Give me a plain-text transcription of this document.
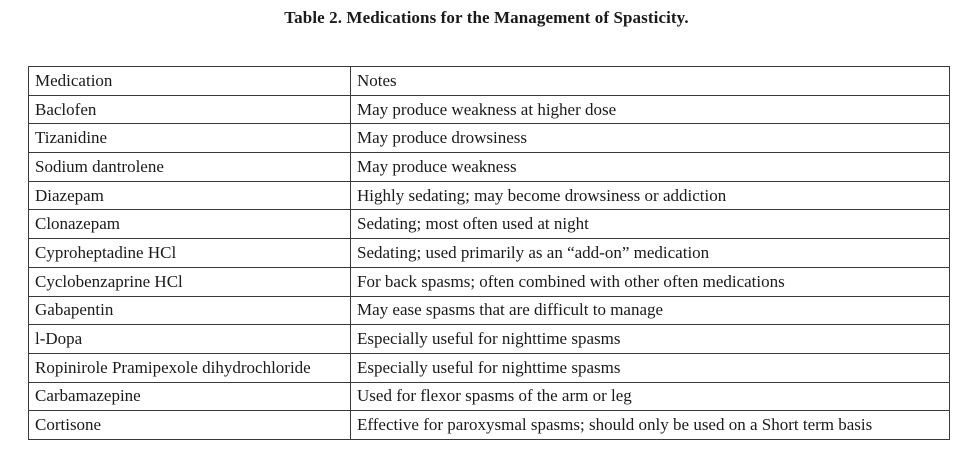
Table 2. Medications for the Management of Spasticity.
Medication	Notes
Baclofen	May produce weakness at higher dose
Tizanidine	May produce drowsiness
Sodium dantrolene	May produce weakness
Diazepam	Highly sedating; may become drowsiness or addiction
Clonazepam	Sedating; most often used at night
Cyproheptadine HCl	Sedating; used primarily as an “add-on” medication
Cyclobenzaprine HCl	For back spasms; often combined with other often medications
Gabapentin	May ease spasms that are difficult to manage
l-Dopa	Especially useful for nighttime spasms
Ropinirole Pramipexole dihydrochloride	Especially useful for nighttime spasms
Carbamazepine	Used for flexor spasms of the arm or leg
Cortisone	Effective for paroxysmal spasms; should only be used on a Short term basis
